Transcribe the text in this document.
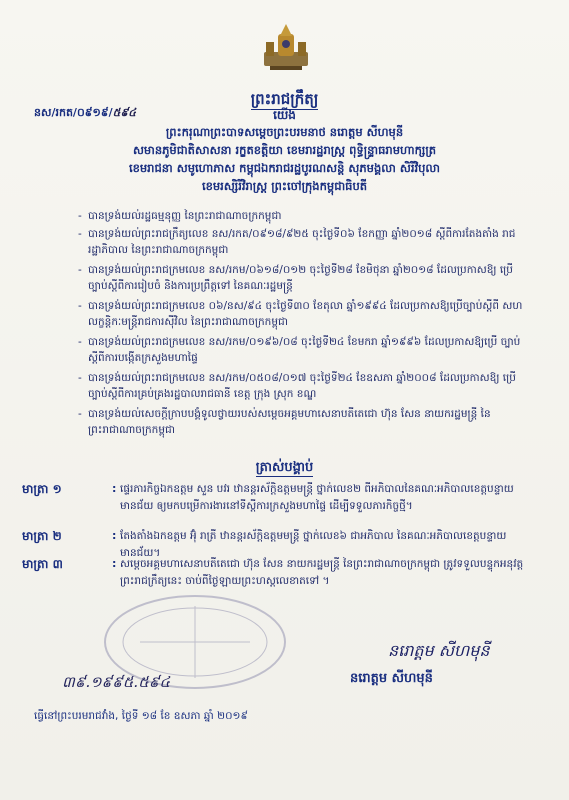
ព្រះរាជក្រឹត្យ
នស/រកត/០៩១៩/៥៩៤	យើង
ព្រះករុណាព្រះបាទសម្តេចព្រះបរមនាថ នរោត្តម សីហមុនី
សមានភូមិជាតិសាសនា រក្ខតខត្តិយា ខេមរារដ្ឋរាស្ត្រ ពុទ្ធិន្ទ្រាធរាមហាក្សត្រ
ខេមរាជនា សមូហោភាស កម្ពុជឯករាជរដ្ឋបូរណសន្តិ សុភមង្គលា សិរីវិបុលា
ខេមរស្សិរីវិរាស្ត្រ ព្រះចៅក្រុងកម្ពុជាធិបតី
- បានទ្រង់យល់រដ្ឋធម្មនុញ្ញ នៃព្រះរាជាណាចក្រកម្ពុជា
- បានទ្រង់យល់ព្រះរាជក្រឹត្យលេខ នស/រកត/០៩១៨/៩២៥ ចុះថ្ងៃទី០៦ ខែកញ្ញា ឆ្នាំ២០១៨ ស្តីពីការតែងតាំង រាជរដ្ឋាភិបាល នៃព្រះរាជាណាចក្រកម្ពុជា
- បានទ្រង់យល់ព្រះរាជក្រមលេខ នស/រកម/០៦១៨/០១២ ចុះថ្ងៃទី២៨ ខែមិថុនា ឆ្នាំ២០១៨ ដែលប្រកាសឱ្យ ប្រើច្បាប់ស្តីពីការរៀបចំ និងការប្រព្រឹត្តទៅ នៃគណៈរដ្ឋមន្ត្រី
- បានទ្រង់យល់ព្រះរាជក្រមលេខ ០៦/នស/៩៤ ចុះថ្ងៃទី៣០ ខែតុលា ឆ្នាំ១៩៩៤ ដែលប្រកាសឱ្យប្រើច្បាប់ស្តីពី សហលក្ខន្តិកៈមន្ត្រីរាជការស៊ីវិល នៃព្រះរាជាណាចក្រកម្ពុជា
- បានទ្រង់យល់ព្រះរាជក្រមលេខ នស/រកម/០១៩៦/០៨ ចុះថ្ងៃទី២៤ ខែមករា ឆ្នាំ១៩៩៦ ដែលប្រកាសឱ្យប្រើ ច្បាប់ស្តីពីការបង្កើតក្រសួងមហាផ្ទៃ
- បានទ្រង់យល់ព្រះរាជក្រមលេខ នស/រកម/០៥០៨/០១៧ ចុះថ្ងៃទី២៤ ខែឧសភា ឆ្នាំ២០០៨ ដែលប្រកាសឱ្យ ប្រើច្បាប់ស្តីពីការគ្រប់គ្រងរដ្ឋបាលរាជធានី ខេត្ត ក្រុង ស្រុក ខណ្ឌ
- បានទ្រង់យល់សេចក្តីក្រាបបង្គំទូលថ្វាយរបស់សម្តេចអគ្គមហាសេនាបតីតេជោ ហ៊ុន សែន នាយករដ្ឋមន្ត្រី នៃព្រះរាជាណាចក្រកម្ពុជា
ត្រាស់បង្គាប់
មាត្រា ១	: ផ្ទេរភារកិច្ចឯកឧត្តម សួន បវរ ឋានន្តរស័ក្តិឧត្តមមន្ត្រី ថ្នាក់លេខ២ ពីអភិបាលនៃគណៈអភិបាលខេត្តបន្ទាយមានជ័យ ឲ្យមកបម្រើការងារនៅទីស្តីការក្រសួងមហាផ្ទៃ ដើម្បីទទួលភារកិច្ចថ្មី។
មាត្រា ២	: តែងតាំងឯកឧត្តម អ៊ុំ រាត្រី ឋានន្តរស័ក្តិឧត្តមមន្ត្រី ថ្នាក់លេខ៦ ជាអភិបាល នៃគណៈអភិបាលខេត្តបន្ទាយមានជ័យ។
មាត្រា ៣	: សម្តេចអគ្គមហាសេនាបតីតេជោ ហ៊ុន សែន នាយករដ្ឋមន្ត្រី នៃព្រះរាជាណាចក្រកម្ពុជា ត្រូវទទួលបន្ទុកអនុវត្ត ព្រះរាជក្រឹត្យនេះ ចាប់ពីថ្ងៃឡាយព្រះហស្តលេខាតទៅ ។
នរោត្តម សីហមុនី
នរោត្តម សីហមុនី
៣៩.១៩៩៥.៥៩៤
ធ្វើនៅព្រះបរមរាជវាំង, ថ្ងៃទី ១៨ ខែ ឧសភា ឆ្នាំ ២០១៩
